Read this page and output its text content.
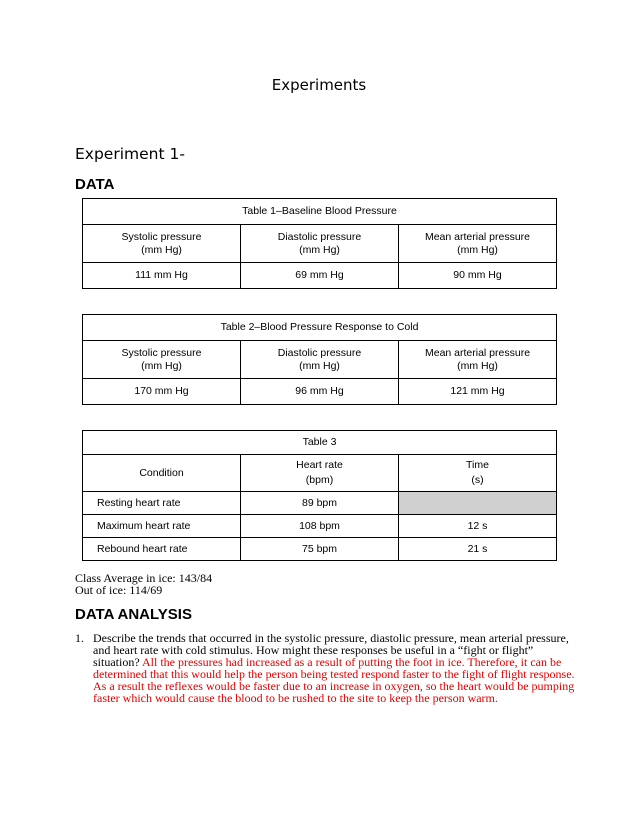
Experiments
Experiment 1-
DATA
Table 1–Baseline Blood Pressure		

Systolic pressure
(mm Hg)	Diastolic pressure
(mm Hg)	Mean arterial pressure
(mm Hg)

111 mm Hg	69 mm Hg	90 mm Hg
Table 2–Blood Pressure Response to Cold		

Systolic pressure
(mm Hg)	Diastolic pressure
(mm Hg)	Mean arterial pressure
(mm Hg)

170 mm Hg	96 mm Hg	121 mm Hg
Table 3		
Condition	Heart rate
(bpm)	Time
(s)

Resting heart rate	89 bpm	
Maximum heart rate	108 bpm	12 s
Rebound heart rate	75 bpm	21 s
Class Average in ice: 143/84
Out of ice: 114/69
DATA ANALYSIS
1. Describe the trends that occurred in the systolic pressure, diastolic pressure, mean arterial pressure, and heart rate with cold stimulus. How might these responses be useful in a “fight or flight” situation? All the pressures had increased as a result of putting the foot in ice. Therefore, it can be determined that this would help the person being tested respond faster to the fight of flight response. As a result the reflexes would be faster due to an increase in oxygen, so the heart would be pumping faster which would cause the blood to be rushed to the site to keep the person warm.
